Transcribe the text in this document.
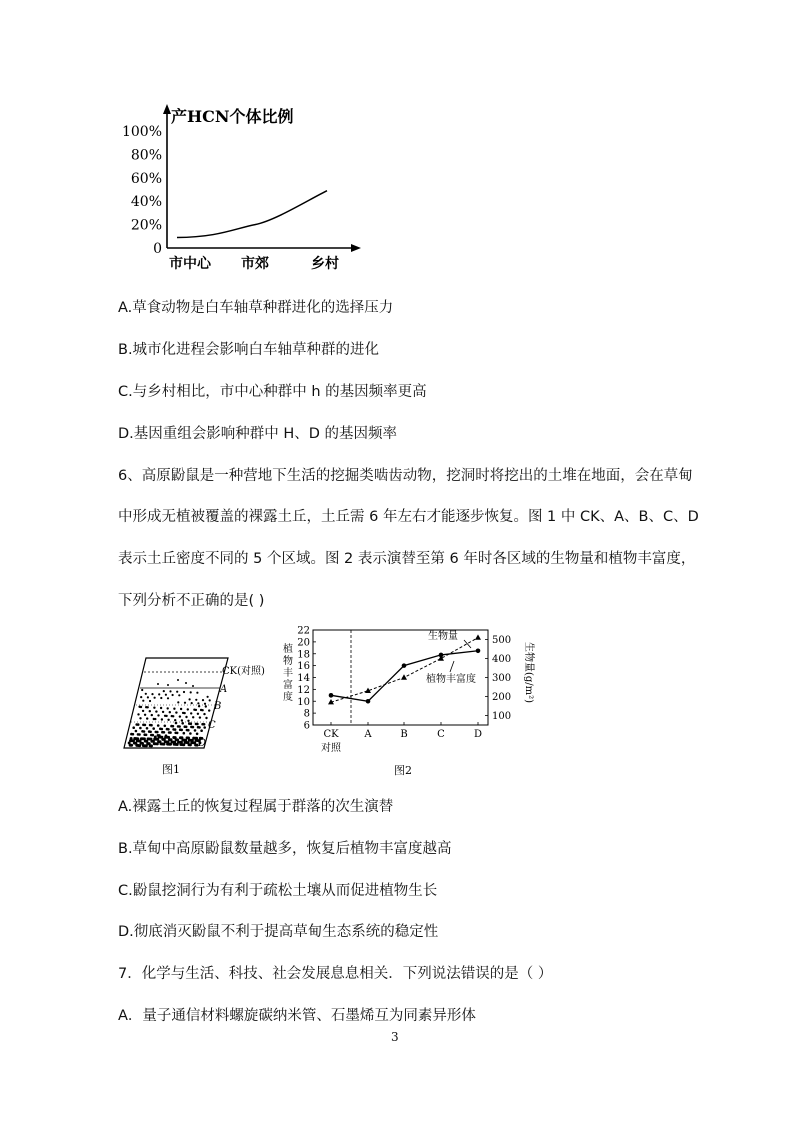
产HCN个体比例
100%
80%
60%
40%
20%
0
市中心 市郊	乡村
A.草食动物是白车轴草种群进化的选择压力
B.城市化进程会影响白车轴草种群的进化
C.与乡村相比，市中心种群中 h 的基因频率更高
D.基因重组会影响种群中 H、D 的基因频率
6、高原鼢鼠是一种营地下生活的挖掘类啮齿动物，挖洞时将挖出的土堆在地面，会在草甸
中形成无植被覆盖的裸露土丘，土丘需 6 年左右才能逐步恢复。图 1 中 CK、A、B、C、D
表示土丘密度不同的 5 个区域。图 2 表示演替至第 6 年时各区域的生物量和植物丰富度，
下列分析不正确的是( )
CK(对照)
A
B
C
D
图1
22
20
18
16
14
12
10
8
6
500
400
300
200
100
CK	A	B	C	D
对照
植
物
丰
富
度	生物量(g/m²)
生物量
植物丰富度
图2
A.裸露土丘的恢复过程属于群落的次生演替
B.草甸中高原鼢鼠数量越多，恢复后植物丰富度越高
C.鼢鼠挖洞行为有利于疏松土壤从而促进植物生长
D.彻底消灭鼢鼠不利于提高草甸生态系统的稳定性
7．化学与生活、科技、社会发展息息相关．下列说法错误的是（ ）
A．量子通信材料螺旋碳纳米管、石墨烯互为同素异形体
3
